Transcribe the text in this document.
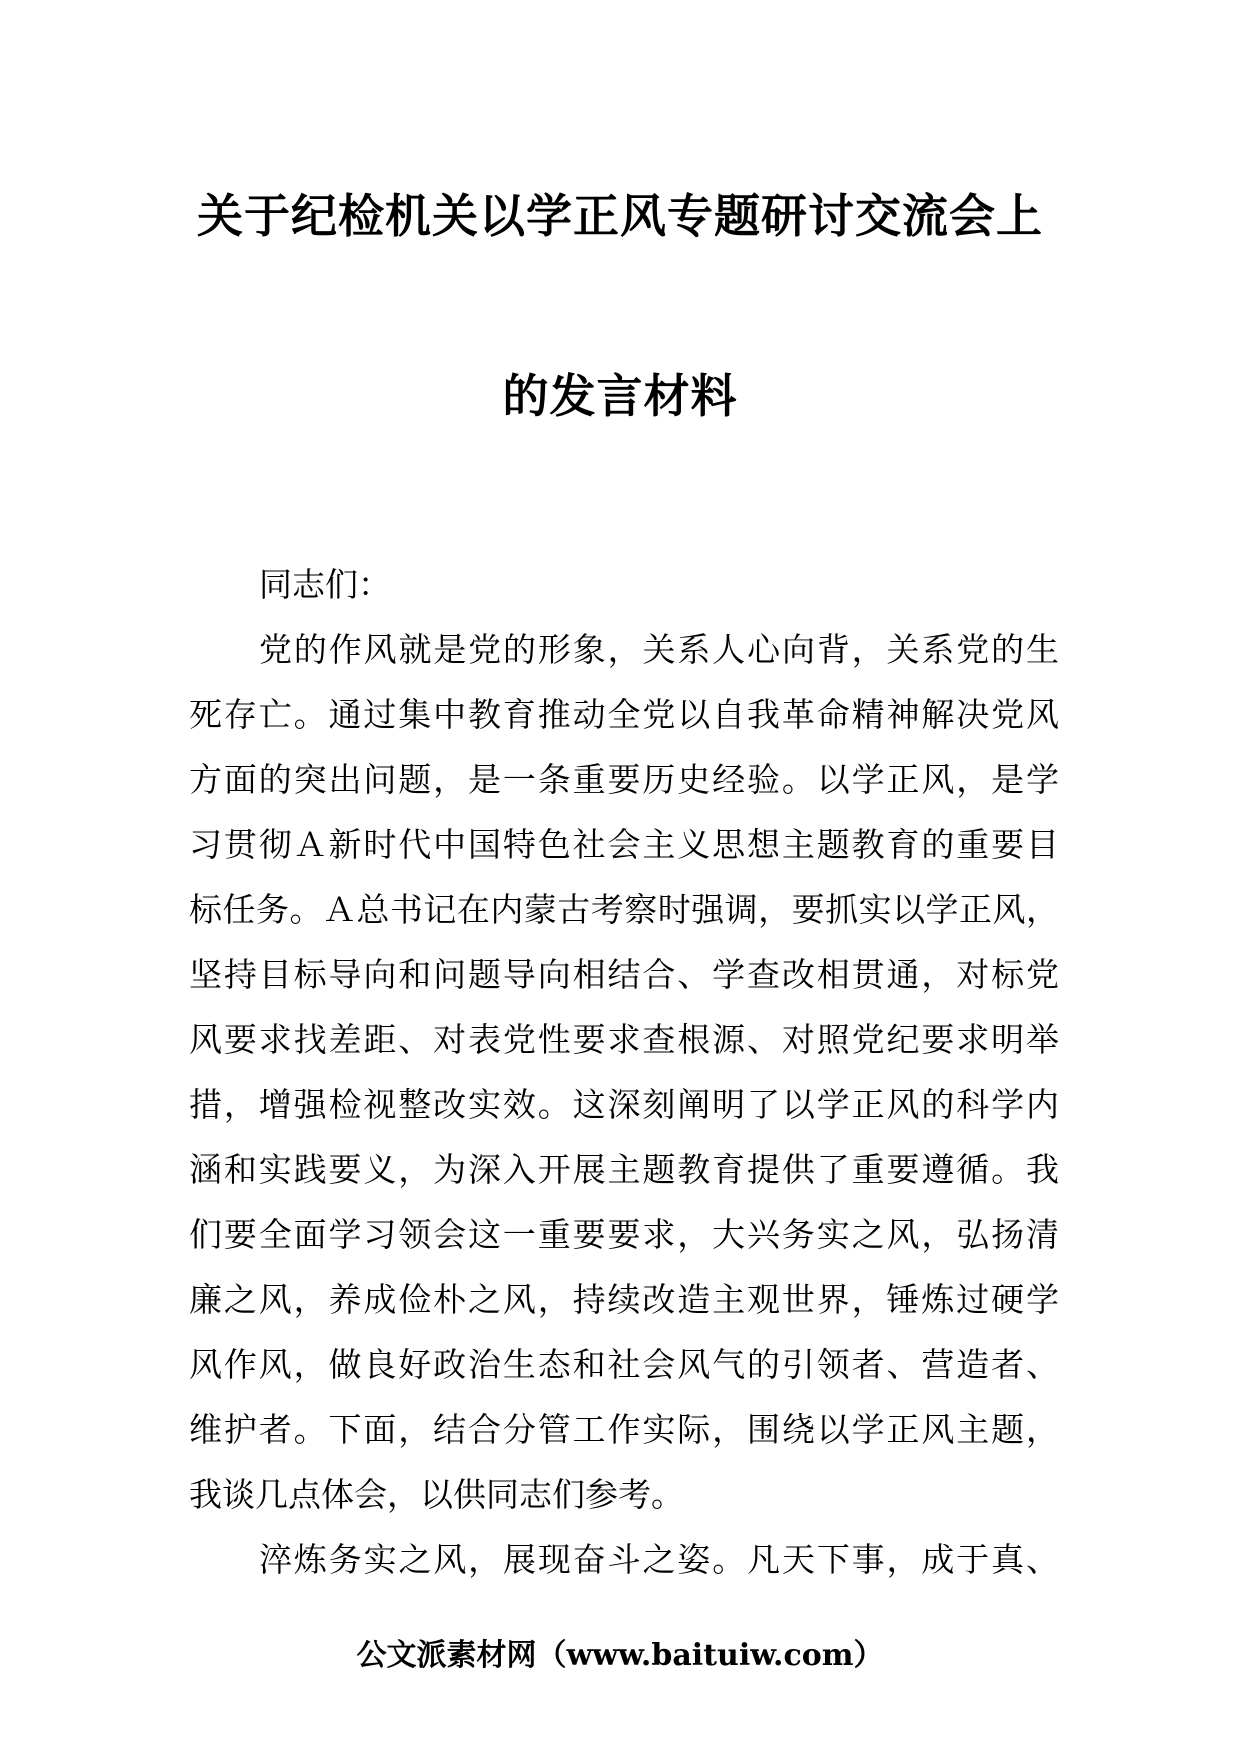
关于纪检机关以学正风专题研讨交流会上
的发言材料
同志们：

党的作风就是党的形象，关系人心向背，关系党的生
死存亡。通过集中教育推动全党以自我革命精神解决党风
方面的突出问题，是一条重要历史经验。以学正风，是学
习贯彻Ａ新时代中国特色社会主义思想主题教育的重要目
标任务。Ａ总书记在内蒙古考察时强调，要抓实以学正风，
坚持目标导向和问题导向相结合、学查改相贯通，对标党
风要求找差距、对表党性要求查根源、对照党纪要求明举
措，增强检视整改实效。这深刻阐明了以学正风的科学内
涵和实践要义，为深入开展主题教育提供了重要遵循。我
们要全面学习领会这一重要要求，大兴务实之风，弘扬清
廉之风，养成俭朴之风，持续改造主观世界，锤炼过硬学
风作风，做良好政治生态和社会风气的引领者、营造者、
维护者。下面，结合分管工作实际，围绕以学正风主题，
我谈几点体会，以供同志们参考。

淬炼务实之风，展现奋斗之姿。凡天下事，成于真、

公文派素材网（www.baituiw.com）
